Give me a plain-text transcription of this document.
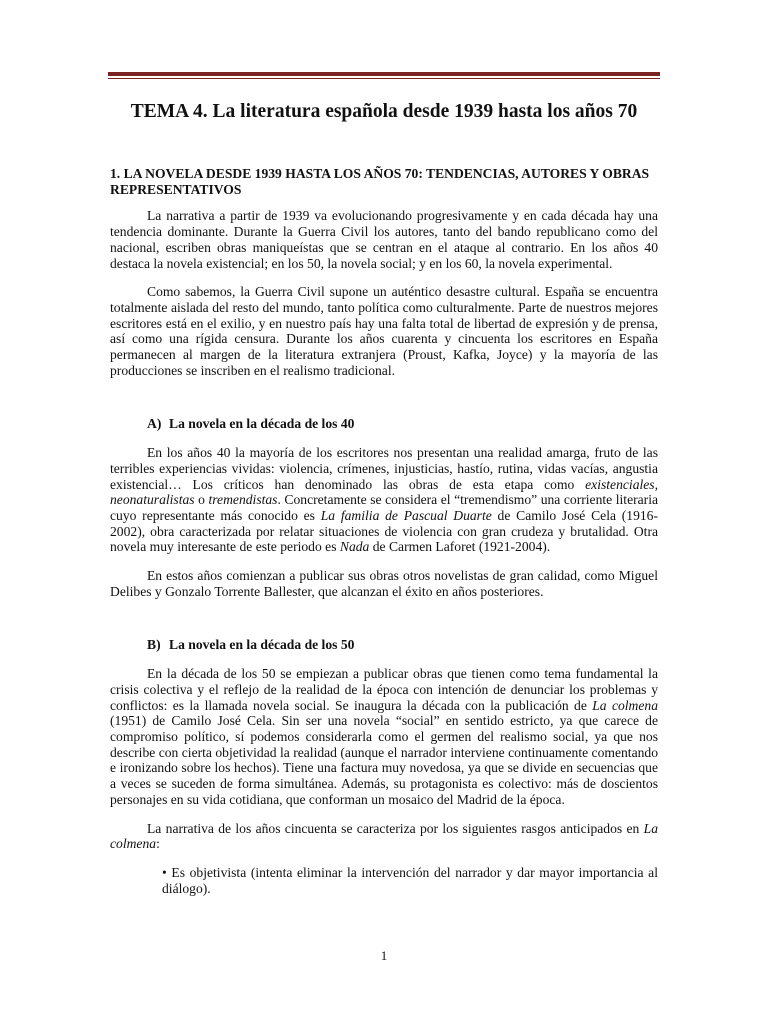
TEMA 4. La literatura española desde 1939 hasta los años 70
1. LA NOVELA DESDE 1939 HASTA LOS AÑOS 70: TENDENCIAS, AUTORES Y OBRAS REPRESENTATIVOS

La narrativa a partir de 1939 va evolucionando progresivamente y en cada década hay una tendencia dominante. Durante la Guerra Civil los autores, tanto del bando republicano como del nacional, escriben obras maniqueístas que se centran en el ataque al contrario. En los años 40 destaca la novela existencial; en los 50, la novela social; y en los 60, la novela experimental.

Como sabemos, la Guerra Civil supone un auténtico desastre cultural. España se encuentra totalmente aislada del resto del mundo, tanto política como culturalmente. Parte de nuestros mejores escritores está en el exilio, y en nuestro país hay una falta total de libertad de expresión y de prensa, así como una rígida censura. Durante los años cuarenta y cincuenta los escritores en España permanecen al margen de la literatura extranjera (Proust, Kafka, Joyce) y la mayoría de las producciones se inscriben en el realismo tradicional.

A) La novela en la década de los 40

En los años 40 la mayoría de los escritores nos presentan una realidad amarga, fruto de las terribles experiencias vividas: violencia, crímenes, injusticias, hastío, rutina, vidas vacías, angustia existencial… Los críticos han denominado las obras de esta etapa como existenciales, neonaturalistas o tremendistas. Concretamente se considera el “tremendismo” una corriente literaria cuyo representante más conocido es La familia de Pascual Duarte de Camilo José Cela (1916-2002), obra caracterizada por relatar situaciones de violencia con gran crudeza y brutalidad. Otra novela muy interesante de este periodo es Nada de Carmen Laforet (1921-2004).

En estos años comienzan a publicar sus obras otros novelistas de gran calidad, como Miguel Delibes y Gonzalo Torrente Ballester, que alcanzan el éxito en años posteriores.

B) La novela en la década de los 50

En la década de los 50 se empiezan a publicar obras que tienen como tema fundamental la crisis colectiva y el reflejo de la realidad de la época con intención de denunciar los problemas y conflictos: es la llamada novela social. Se inaugura la década con la publicación de La colmena (1951) de Camilo José Cela. Sin ser una novela “social” en sentido estricto, ya que carece de compromiso político, sí podemos considerarla como el germen del realismo social, ya que nos describe con cierta objetividad la realidad (aunque el narrador interviene continuamente comentando e ironizando sobre los hechos). Tiene una factura muy novedosa, ya que se divide en secuencias que a veces se suceden de forma simultánea. Además, su protagonista es colectivo: más de doscientos personajes en su vida cotidiana, que conforman un mosaico del Madrid de la época.

La narrativa de los años cincuenta se caracteriza por los siguientes rasgos anticipados en La colmena:

• Es objetivista (intenta eliminar la intervención del narrador y dar mayor importancia al diálogo).
1
